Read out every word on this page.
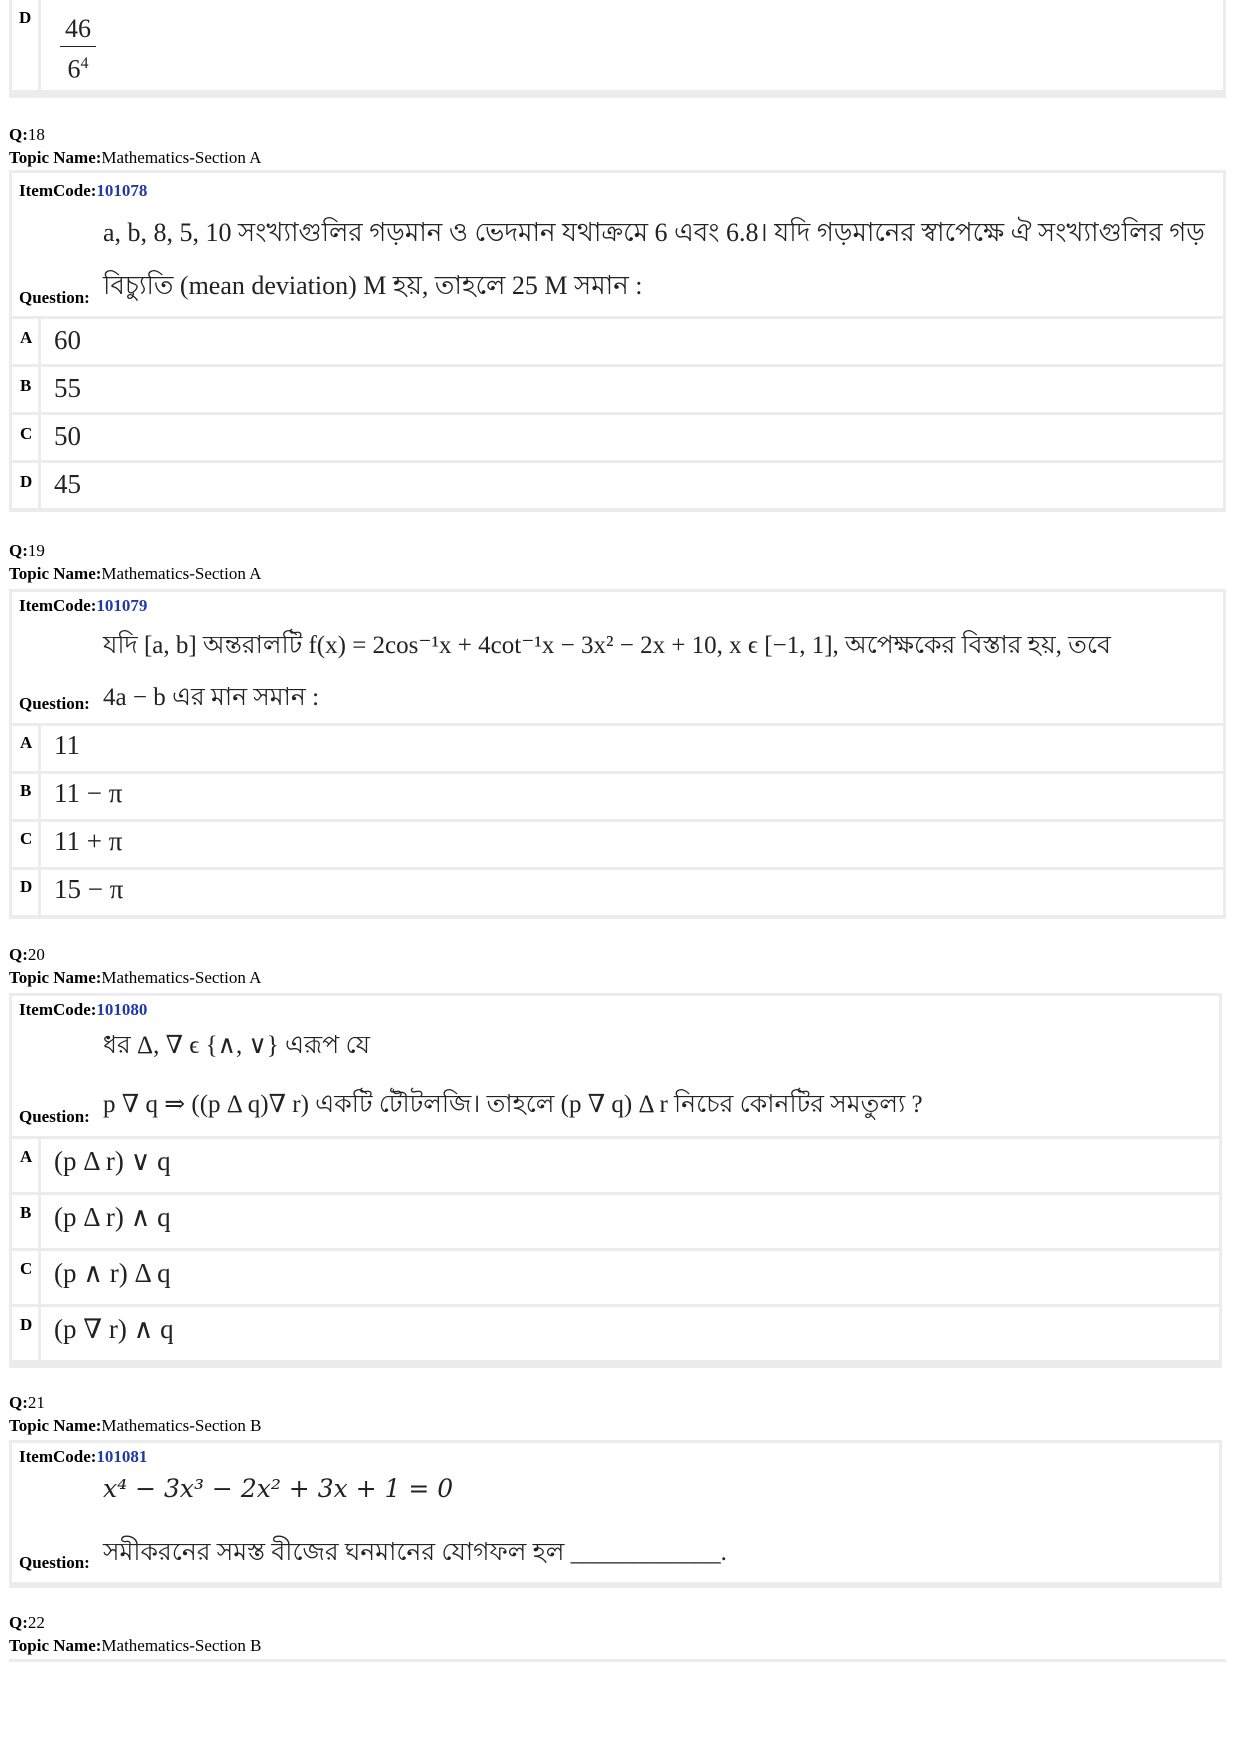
D 46
$6^4$
Q:18
Topic Name:Mathematics-Section A
ItemCode:101078
a, b, 8, 5, 10 সংখ্যাগুলির গড়মান ও ভেদমান যথাক্রমে 6 এবং 6.8। যদি গড়মানের স্বাপেক্ষে ঐ সংখ্যাগুলির গড়
Question: বিচ্যুতি (mean deviation) M হয়, তাহলে 25 M সমান :
A 60
B 55
C 50
D 45
Q:19
Topic Name:Mathematics-Section A
ItemCode:101079
যদি [a, b] অন্তরালটি f(x) = 2cos⁻¹x + 4cot⁻¹x − 3x² − 2x + 10, x ϵ [−1, 1], অপেক্ষকের বিস্তার হয়, তবে
Question: 4a − b এর মান সমান :
A 11
B 11 − π
C 11 + π
D 15 − π
Q:20
Topic Name:Mathematics-Section A
ItemCode:101080
ধর Δ, ∇ ϵ {∧, ∨} এরূপ যে
Question: p ∇ q ⇒ ((p Δ q)∇ r) একটি টৌটলজি। তাহলে (p ∇ q) Δ r নিচের কোনটির সমতুল্য ?
A (p Δ r) ∨ q
B (p Δ r) ∧ q
C (p ∧ r) Δ q
D (p ∇ r) ∧ q
Q:21
Topic Name:Mathematics-Section B
ItemCode:101081
x⁴ − 3x³ − 2x² + 3x + 1 = 0
Question: সমীকরনের সমস্ত বীজের ঘনমানের যোগফল হল ____________.
Q:22
Topic Name:Mathematics-Section B
